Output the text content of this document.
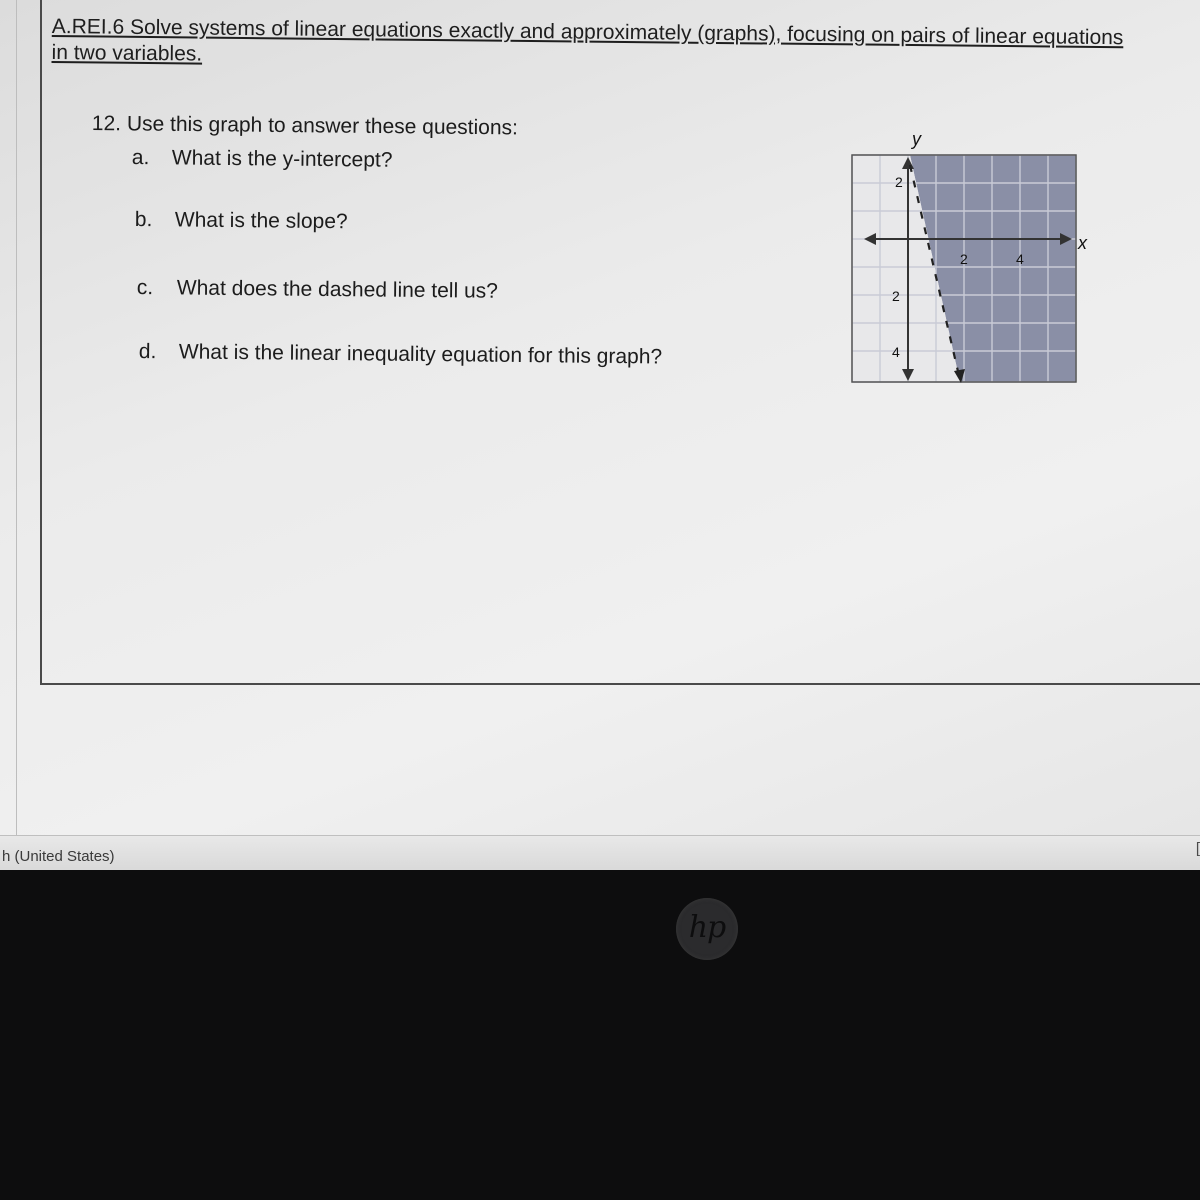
A.REI.6 Solve systems of linear equations exactly and approximately (graphs), focusing on pairs of linear equations in two variables.
12. Use this graph to answer these questions:
a. What is the y-intercept?
b. What is the slope?
c. What does the dashed line tell us?
d. What is the linear inequality equation for this graph?
2	4
2
2
4
y
x
h (United States)	[
hp
